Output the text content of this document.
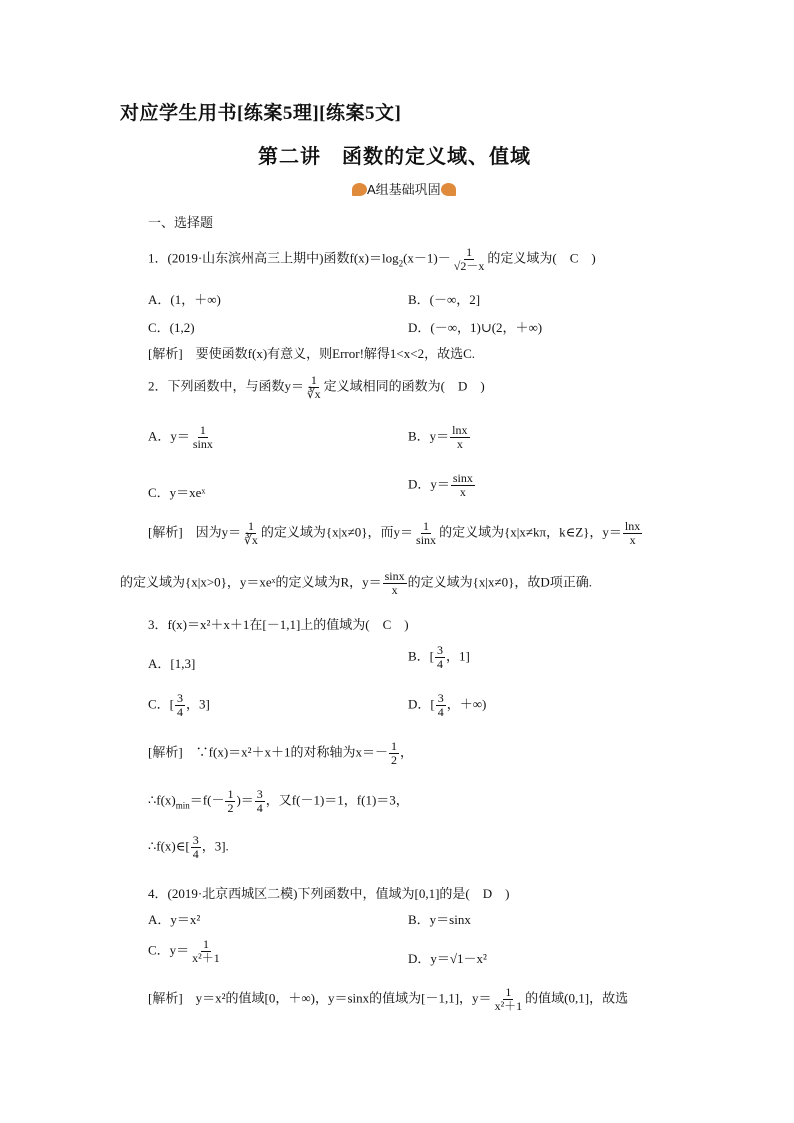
对应学生用书[练案5理][练案5文]
第二讲　函数的定义域、值域
A组基础巩固
一、选择题
1．(2019·山东滨州高三上期中)函数$f(x)=\log_2(x-1)- \frac{1}{√2-x}$ 的定义域为(　C　)
A．(1，＋∞)	B．(－∞，2]
C．(1,2)	D．(－∞，1)∪(2，＋∞)
[解析]　要使函数f(x)有意义，则Error!解得1<x<2，故选C.
2．下列函数中，与函数$y= \frac{1}{∛x}$ 定义域相同的函数为(　D　)
A．$y= \frac{1}{\sin x}$	B．$y= \frac{\ln x}{x}$
C．y＝xeˣ
D．$y= \frac{\sin x}{x}$
[解析]　因为$y= \frac{1}{∛x}$ 的定义域为{x|x≠0}，而$y= \frac{1}{\sin x}$ 的定义域为{x|x≠kπ，k∈Z}，$y= \frac{\ln x}{x}$
的定义域为{x|x>0}，y＝xeˣ的定义域为R，$y= \frac{\sin x}{x}$ 的定义域为{x|x≠0}，故D项正确.
3．f(x)＝x²＋x＋1在[－1,1]上的值域为(　C　)
A．[1,3]	B．[ $\frac{3}{4}$ ，1]
C．[ $\frac{3}{4}$ ，3]	D．[ $\frac{3}{4}$ ，＋∞)
[解析]　∵f(x)＝x²＋x＋1的对称轴为$x=- \frac{1}{2}$ ，
$\therefore f(x)_{min}=f(- \frac{1}{2}$ )＝ $\frac{3}{4}$ ，又f(－1)＝1，f(1)＝3，
∴f(x)∈[ $\frac{3}{4}$ ，3].
4．(2019·北京西城区二模)下列函数中，值域为[0,1]的是(　D　)
A．y＝x²	B．y＝sinx
C．$y= \frac{1}{\text{x²＋1}}$	D．y＝√1－x²
[解析]　y＝x²的值域[0，＋∞)，y＝sinx的值域为[－1,1]，$y= \frac{1}{\text{x²＋1}}$ 的值域(0,1]，故选
